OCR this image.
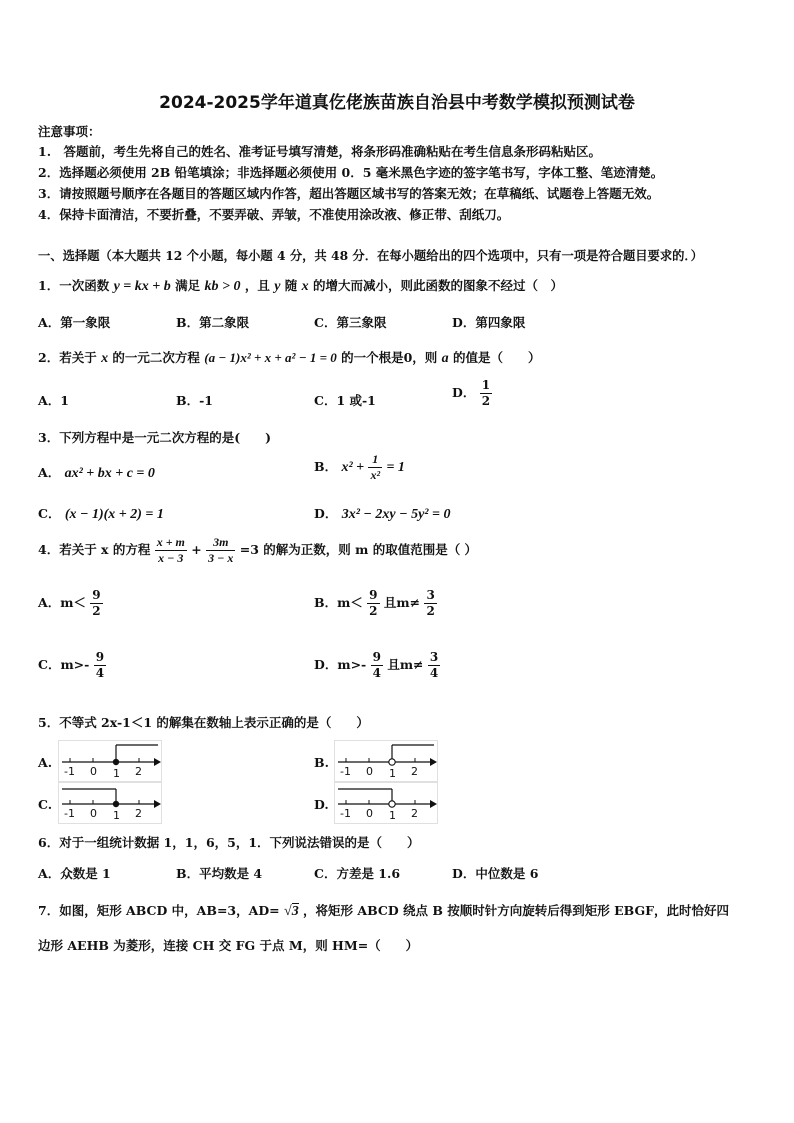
2024-2025学年道真仡佬族苗族自治县中考数学模拟预测试卷
注意事项：
1.　答题前，考生先将自己的姓名、准考证号填写清楚，将条形码准确粘贴在考生信息条形码粘贴区。
2．选择题必须使用 2B 铅笔填涂；非选择题必须使用 0．5 毫米黑色字迹的签字笔书写，字体工整、笔迹清楚。
3．请按照题号顺序在各题目的答题区域内作答，超出答题区域书写的答案无效；在草稿纸、试题卷上答题无效。
4．保持卡面清洁，不要折叠，不要弄破、弄皱，不准使用涂改液、修正带、刮纸刀。
一、选择题（本大题共 12 个小题，每小题 4 分，共 48 分．在每小题给出的四个选项中，只有一项是符合题目要求的．）
1．一次函数 y = kx + b 满足 kb > 0 ，且 y 随 x 的增大而减小，则此函数的图象不经过（　）
A．第一象限	B．第二象限	C．第三象限	D．第四象限
2．若关于 x 的一元二次方程 (a − 1)x² + x + a² − 1 = 0 的一个根是0，则 a 的值是（　　）
A．1	B．-1	C．1 或-1
D． $\frac{1}{2}$
3．下列方程中是一元二次方程的是(　　)
A． ax² + bx + c = 0	B． $x^2 + \frac{1}{\text{x²}} = 1$
C． (x − 1)(x + 2) = 1	D． 3x² − 2xy − 5y² = 0
4．若关于 x 的方程 $\frac{x + m}{x - 3} + \frac{3m}{3 - x} =3$ 的解为正数，则 m 的取值范围是（ ）
A．$m< \frac{9}{2}$	B．$m< \frac{9}{2}$ 且$m\ne \frac{3}{2}$
C．$m>- \frac{9}{4}$	D．$m>- \frac{9}{4}$ 且$m\ne \frac{3}{4}$
5．不等式 2x-1＜1 的解集在数轴上表示正确的是（　　）
A.
-1 0 1 2
B.
-1 0 1 2
C.
-1 0 1 2
D.
-1 0 1 2
6．对于一组统计数据 1，1，6，5，1．下列说法错误的是（　　）
A．众数是 1	B．平均数是 4	C．方差是 1.6	D．中位数是 6
7．如图，矩形 ABCD 中，AB=3，AD= √3 ，将矩形 ABCD 绕点 B 按顺时针方向旋转后得到矩形 EBGF，此时恰好四
边形 AEHB 为菱形，连接 CH 交 FG 于点 M，则 HM=（　　）
